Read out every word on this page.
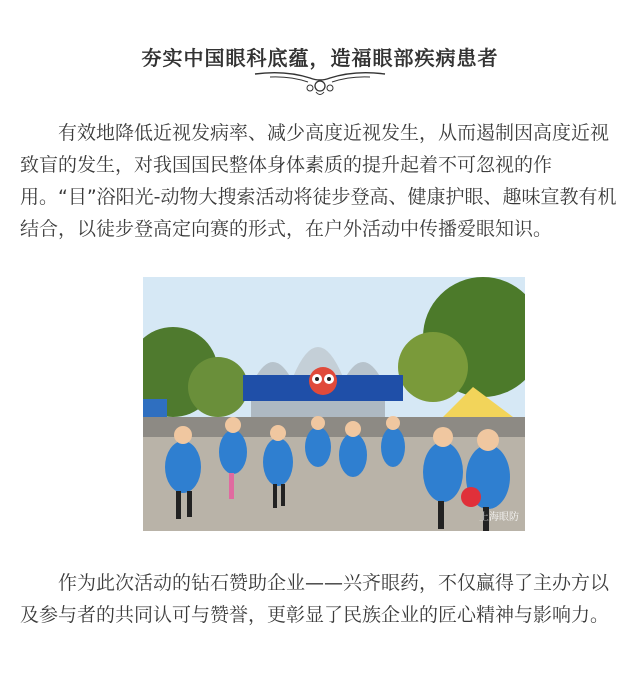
夯实中国眼科底蕴，造福眼部疾病患者

有效地降低近视发病率、减少高度近视发生，从而遏制因高度近视致盲的发生，对我国国民整体身体素质的提升起着不可忽视的作用。“目”浴阳光-动物大搜索活动将徒步登高、健康护眼、趣味宣教有机结合，以徒步登高定向赛的形式，在户外活动中传播爱眼知识。

上海眼防

作为此次活动的钻石赞助企业——兴齐眼药，不仅赢得了主办方以及参与者的共同认可与赞誉，更彰显了民族企业的匠心精神与影响力。
